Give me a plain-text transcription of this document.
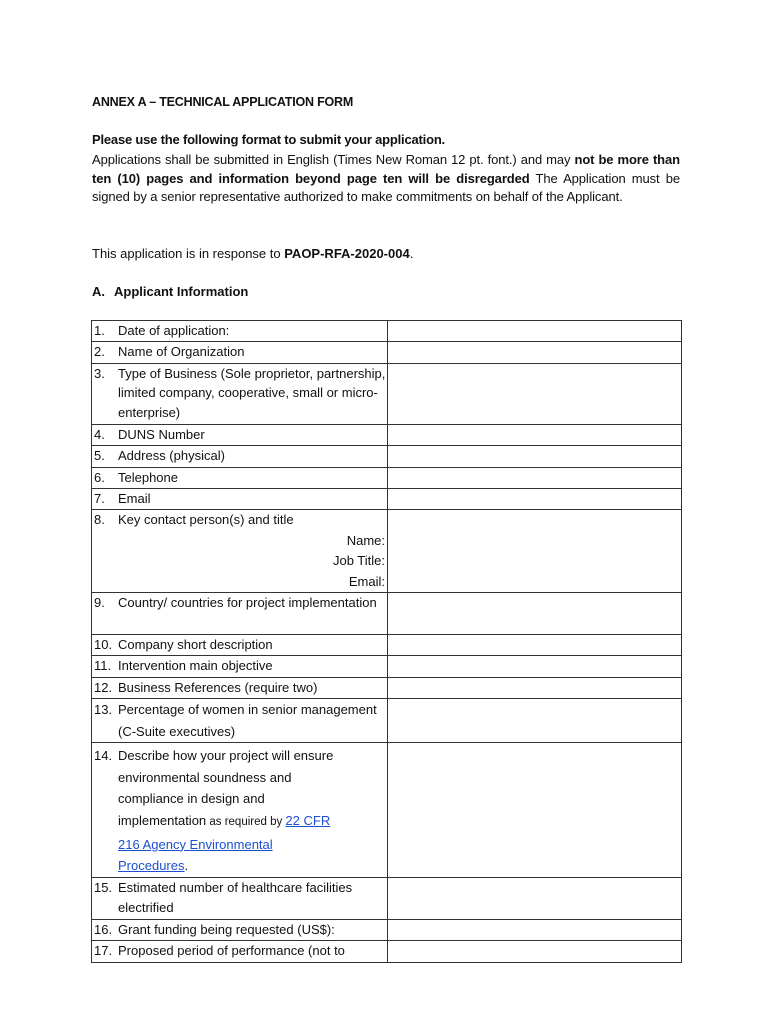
ANNEX A – TECHNICAL APPLICATION FORM
Please use the following format to submit your application.
Applications shall be submitted in English (Times New Roman 12 pt. font.) and may not be more than ten (10) pages and information beyond page ten will be disregarded The Application must be signed by a senior representative authorized to make commitments on behalf of the Applicant.
This application is in response to PAOP-RFA-2020-004.
A. Applicant Information
1. Date of application:	

2. Name of Organization	

3. Type of Business (Sole proprietor, partnership, limited company, cooperative, small or micro-enterprise)	

4. DUNS Number	

5. Address (physical)	

6. Telephone	

7. Email	

8. Key contact person(s) and title
Name:
Job Title:
Email:	

9. Country/ countries for project implementation	

10. Company short description	

11. Intervention main objective	

12. Business References (require two)	

13. Percentage of women in senior management (C-Suite executives)	

14. Describe how your project will ensure environmental soundness and compliance in design and implementation as required by 22 CFR 216 Agency Environmental Procedures.	

15. Estimated number of healthcare facilities electrified	

16. Grant funding being requested (US$):	

17. Proposed period of performance (not to	
